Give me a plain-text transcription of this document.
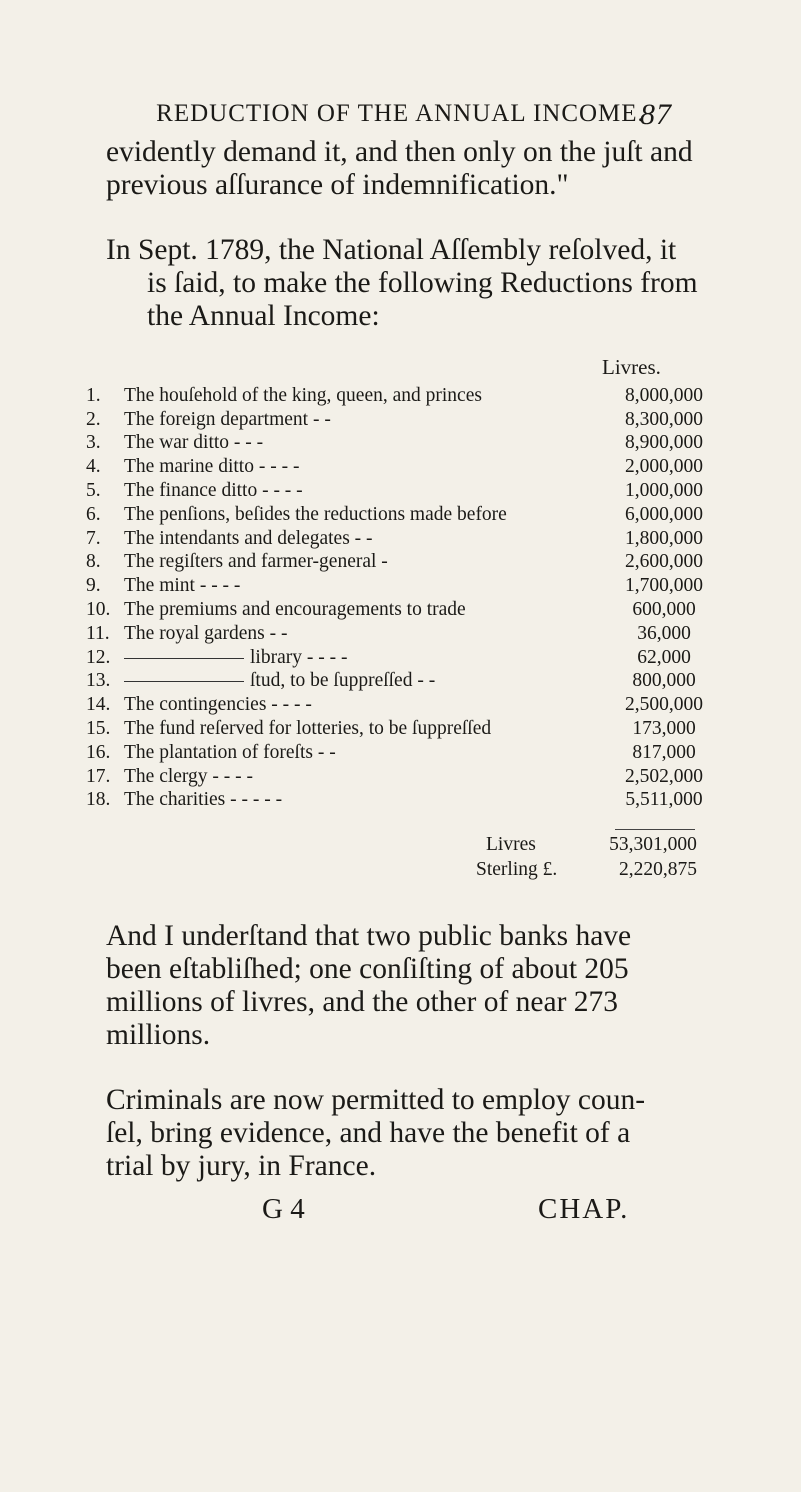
REDUCTION OF THE ANNUAL INCOME.
87
evidently demand it, and then only on the juſt and
previous aſſurance of indemnification."
In Sept. 1789, the National Aſſembly reſolved, it
is ſaid, to make the following Reductions from
the Annual Income:
Livres.
1.	The houſehold of the king, queen, and princes	8,000,000
2.	The foreign department - -	8,300,000
3.	The war ditto - - -	8,900,000
4.	The marine ditto - - - -	2,000,000
5.	The finance ditto - - - -	1,000,000
6.	The penſions, beſides the reductions made before	6,000,000
7.	The intendants and delegates - -	1,800,000
8.	The regiſters and farmer-general -	2,600,000
9.	The mint - - - -	1,700,000
10.	The premiums and encouragements to trade	600,000
11.	The royal gardens - -	36,000
12.	library - - - -	62,000
13.	ſtud, to be ſuppreſſed - -	800,000
14.	The contingencies - - - -	2,500,000
15.	The fund reſerved for lotteries, to be ſuppreſſed	173,000
16.	The plantation of foreſts - -	817,000
17.	The clergy - - - -	2,502,000
18.	The charities - - - - -	5,511,000
Livres	53,301,000
Sterling £.	2,220,875
And I underſtand that two public banks have
been eſtabliſhed; one conſiſting of about 205
millions of livres, and the other of near 273
millions.
Criminals are now permitted to employ coun-
ſel, bring evidence, and have the benefit of a
trial by jury, in France.
G 4	CHAP.
